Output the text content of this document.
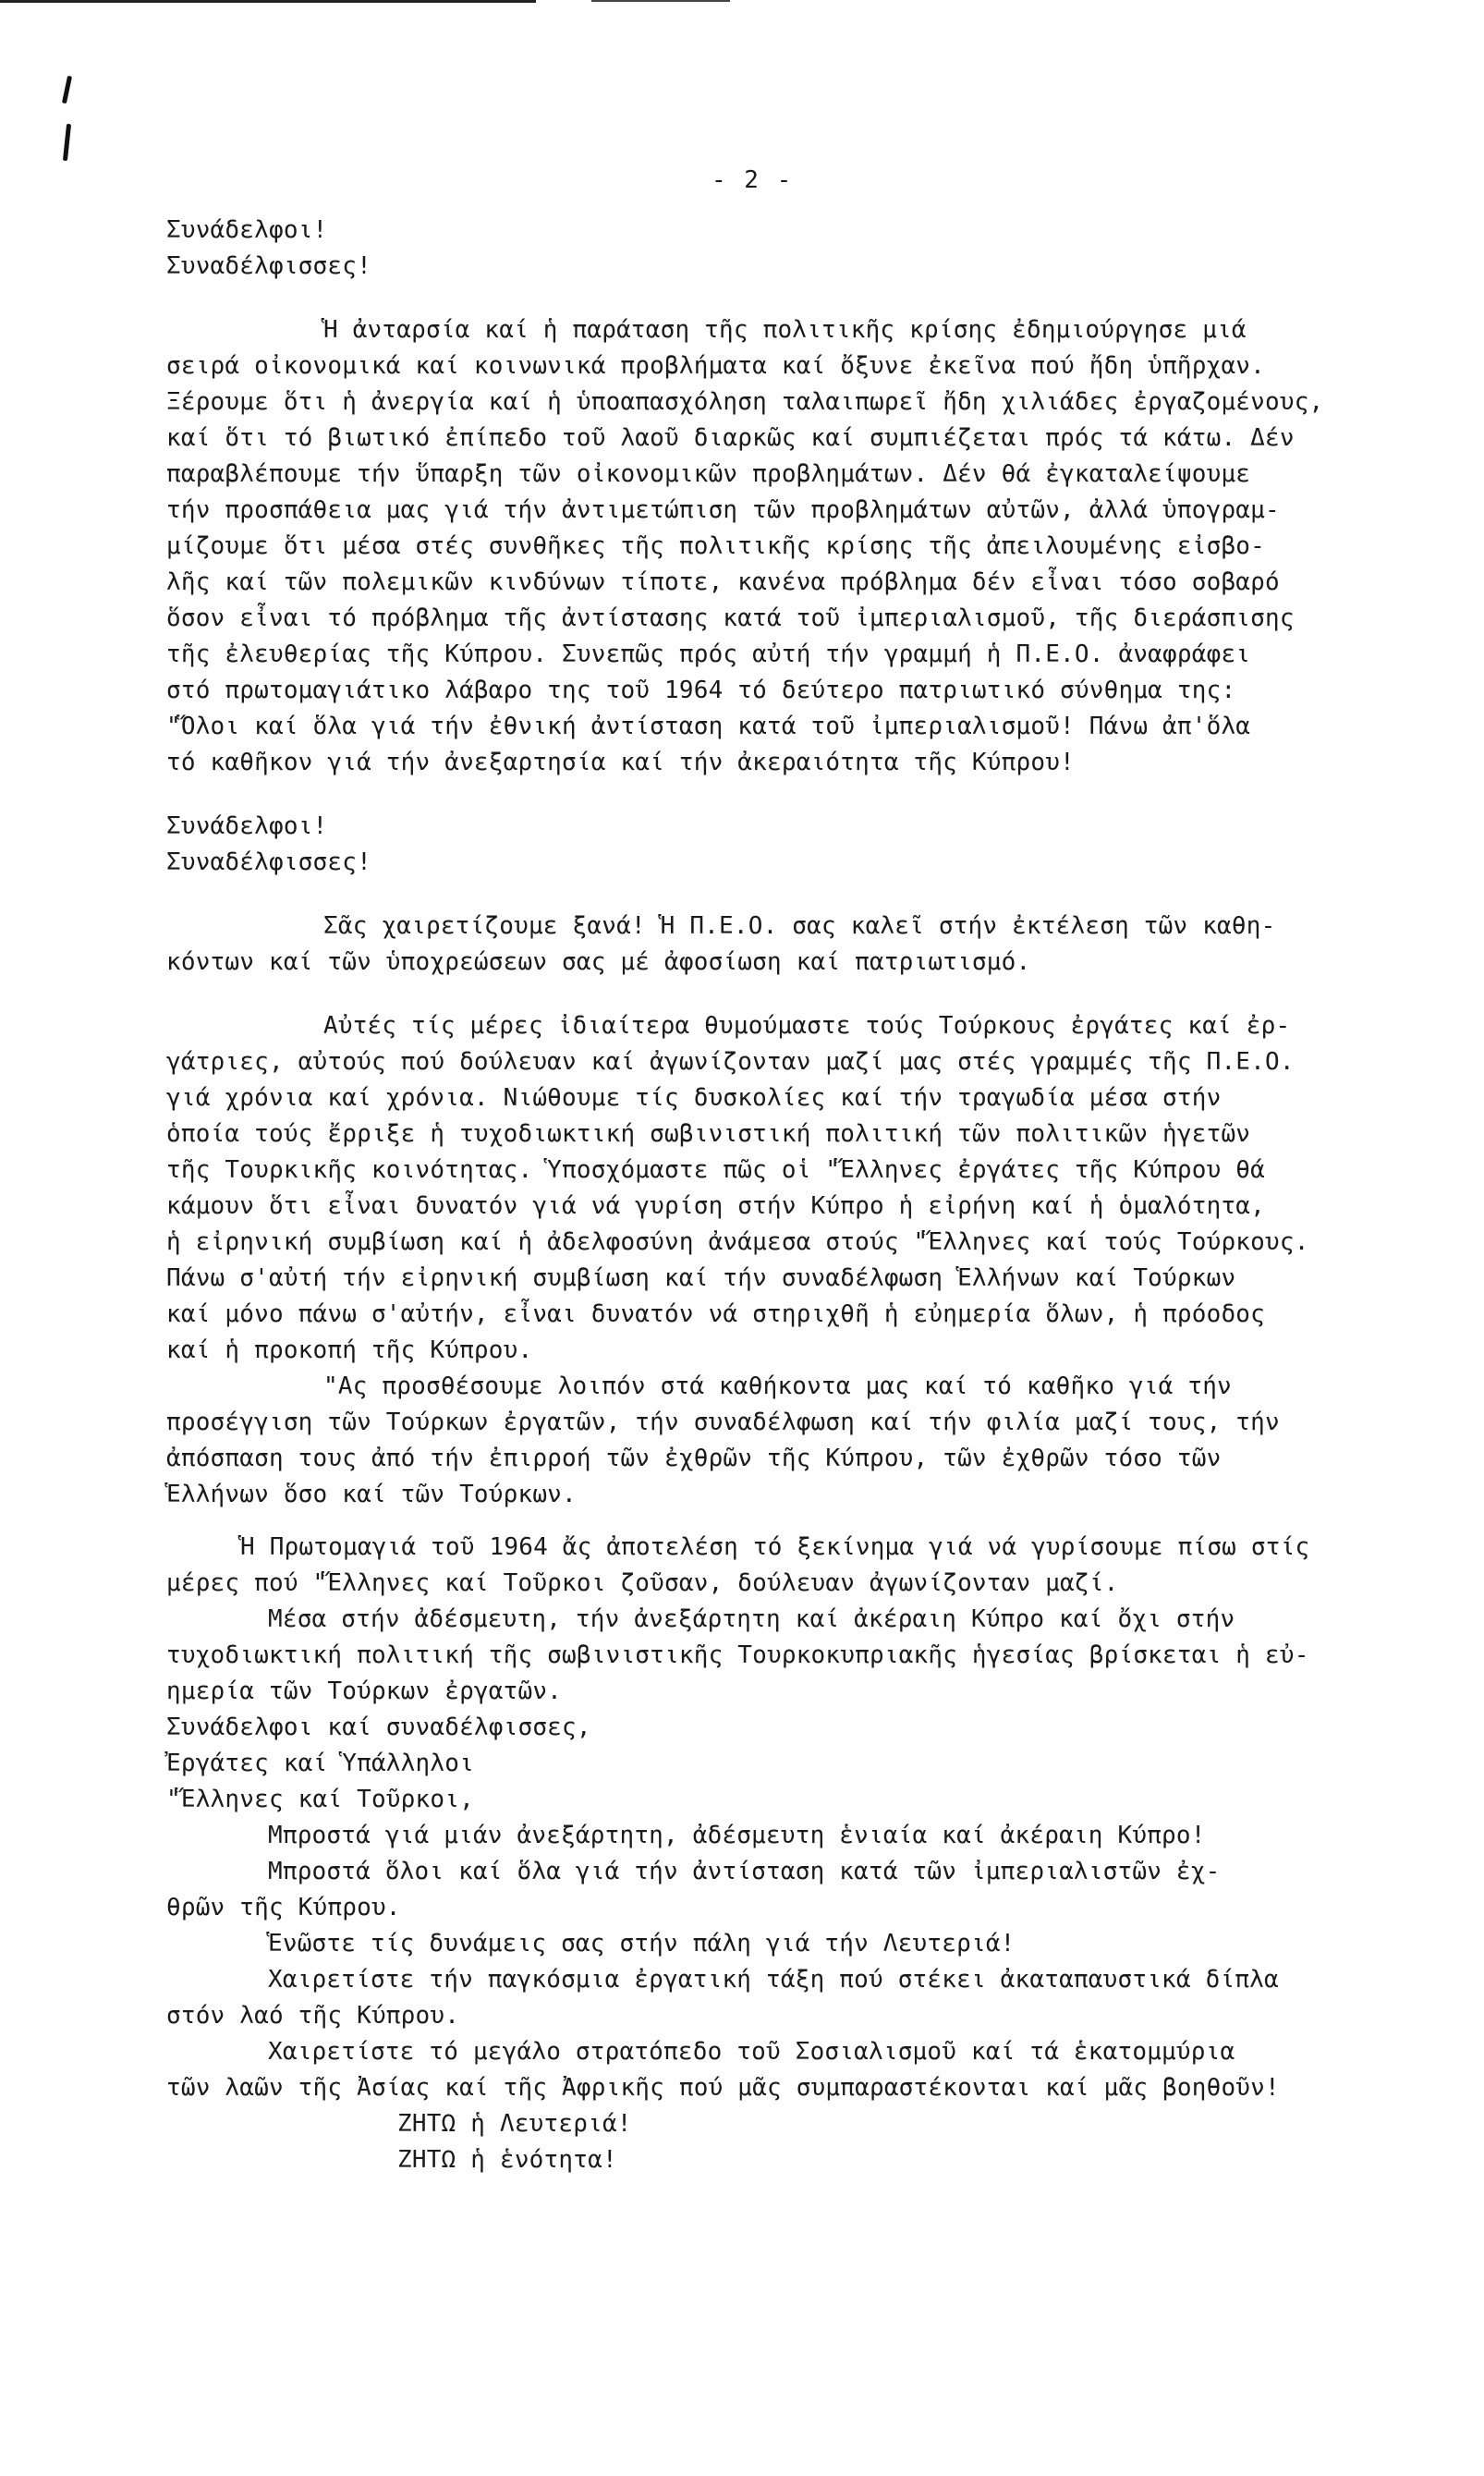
- 2 -
Συνάδελφοι!
Συναδέλφισσες!
Ἡ ἀνταρσία καί ἡ παράταση τῆς πολιτικῆς κρίσης ἐδημιούργησε μιά
σειρά οἰκονομικά καί κοινωνικά προβλήματα καί ὄξυνε ἐκεῖνα πού ἤδη ὑπῆρχαν.
Ξέρουμε ὅτι ἡ ἀνεργία καί ἡ ὑποαπασχόληση ταλαιπωρεῖ ἤδη χιλιάδες ἐργαζομένους,
καί ὅτι τό βιωτικό ἐπίπεδο τοῦ λαοῦ διαρκῶς καί συμπιέζεται πρός τά κάτω. Δέν
παραβλέπουμε τήν ὕπαρξη τῶν οἰκονομικῶν προβλημάτων. Δέν θά ἐγκαταλείψουμε
τήν προσπάθεια μας γιά τήν ἀντιμετώπιση τῶν προβλημάτων αὐτῶν, ἀλλά ὑπογραμ-
μίζουμε ὅτι μέσα στές συνθῆκες τῆς πολιτικῆς κρίσης τῆς ἀπειλουμένης εἰσβο-
λῆς καί τῶν πολεμικῶν κινδύνων τίποτε, κανένα πρόβλημα δέν εἶναι τόσο σοβαρό
ὅσον εἶναι τό πρόβλημα τῆς ἀντίστασης κατά τοῦ ἰμπεριαλισμοῦ, τῆς διεράσπισης
τῆς ἐλευθερίας τῆς Κύπρου. Συνεπῶς πρός αὐτή τήν γραμμή ἡ Π.Ε.Ο. ἀναφράφει
στό πρωτομαγιάτικο λάβαρο της τοῦ 1964 τό δεύτερο πατριωτικό σύνθημα της:
"Ὅλοι καί ὅλα γιά τήν ἐθνική ἀντίσταση κατά τοῦ ἰμπεριαλισμοῦ! Πάνω ἀπ'ὅλα
τό καθῆκον γιά τήν ἀνεξαρτησία καί τήν ἀκεραιότητα τῆς Κύπρου!
Συνάδελφοι!
Συναδέλφισσες!
Σᾶς χαιρετίζουμε ξανά! Ἡ Π.Ε.Ο. σας καλεῖ στήν ἐκτέλεση τῶν καθη-
κόντων καί τῶν ὑποχρεώσεων σας μέ ἀφοσίωση καί πατριωτισμό.
Αὐτές τίς μέρες ἰδιαίτερα θυμούμαστε τούς Τούρκους ἐργάτες καί ἐρ-
γάτριες, αὐτούς πού δούλευαν καί ἀγωνίζονταν μαζί μας στές γραμμές τῆς Π.Ε.Ο.
γιά χρόνια καί χρόνια. Νιώθουμε τίς δυσκολίες καί τήν τραγωδία μέσα στήν
ὁποία τούς ἔρριξε ἡ τυχοδιωκτική σωβινιστική πολιτική τῶν πολιτικῶν ἡγετῶν
τῆς Τουρκικῆς κοινότητας. Ὑποσχόμαστε πῶς οἱ "Ἕλληνες ἐργάτες τῆς Κύπρου θά
κάμουν ὅτι εἶναι δυνατόν γιά νά γυρίση στήν Κύπρο ἡ εἰρήνη καί ἡ ὁμαλότητα,
ἡ εἰρηνική συμβίωση καί ἡ ἀδελφοσύνη ἀνάμεσα στούς "Ἕλληνες καί τούς Τούρκους.
Πάνω σ'αὐτή τήν εἰρηνική συμβίωση καί τήν συναδέλφωση Ἑλλήνων καί Τούρκων
καί μόνο πάνω σ'αὐτήν, εἶναι δυνατόν νά στηριχθῆ ἡ εὐημερία ὅλων, ἡ πρόοδος
καί ἡ προκοπή τῆς Κύπρου.
"Ας προσθέσουμε λοιπόν στά καθήκοντα μας καί τό καθῆκο γιά τήν
προσέγγιση τῶν Τούρκων ἐργατῶν, τήν συναδέλφωση καί τήν φιλία μαζί τους, τήν
ἀπόσπαση τους ἀπό τήν ἐπιρροή τῶν ἐχθρῶν τῆς Κύπρου, τῶν ἐχθρῶν τόσο τῶν
Ἑλλήνων ὅσο καί τῶν Τούρκων.
Ἡ Πρωτομαγιά τοῦ 1964 ἄς ἀποτελέση τό ξεκίνημα γιά νά γυρίσουμε πίσω στίς
μέρες πού "Ἕλληνες καί Τοῦρκοι ζοῦσαν, δούλευαν ἀγωνίζονταν μαζί.
Μέσα στήν ἀδέσμευτη, τήν ἀνεξάρτητη καί ἀκέραιη Κύπρο καί ὄχι στήν
τυχοδιωκτική πολιτική τῆς σωβινιστικῆς Τουρκοκυπριακῆς ἡγεσίας βρίσκεται ἡ εὐ-
ημερία τῶν Τούρκων ἐργατῶν.
Συνάδελφοι καί συναδέλφισσες,
Ἐργάτες καί Ὑπάλληλοι
"Ἕλληνες καί Τοῦρκοι,
Μπροστά γιά μιάν ἀνεξάρτητη, ἀδέσμευτη ἑνιαία καί ἀκέραιη Κύπρο!
Μπροστά ὅλοι καί ὅλα γιά τήν ἀντίσταση κατά τῶν ἰμπεριαλιστῶν ἐχ-
θρῶν τῆς Κύπρου.
Ἑνῶστε τίς δυνάμεις σας στήν πάλη γιά τήν Λευτεριά!
Χαιρετίστε τήν παγκόσμια ἐργατική τάξη πού στέκει ἀκαταπαυστικά δίπλα
στόν λαό τῆς Κύπρου.
Χαιρετίστε τό μεγάλο στρατόπεδο τοῦ Σοσιαλισμοῦ καί τά ἑκατομμύρια
τῶν λαῶν τῆς Ἀσίας καί τῆς Ἀφρικῆς πού μᾶς συμπαραστέκονται καί μᾶς βοηθοῦν!
ΖΗΤΩ ἡ Λευτεριά!
ΖΗΤΩ ἡ ἑνότητα!
